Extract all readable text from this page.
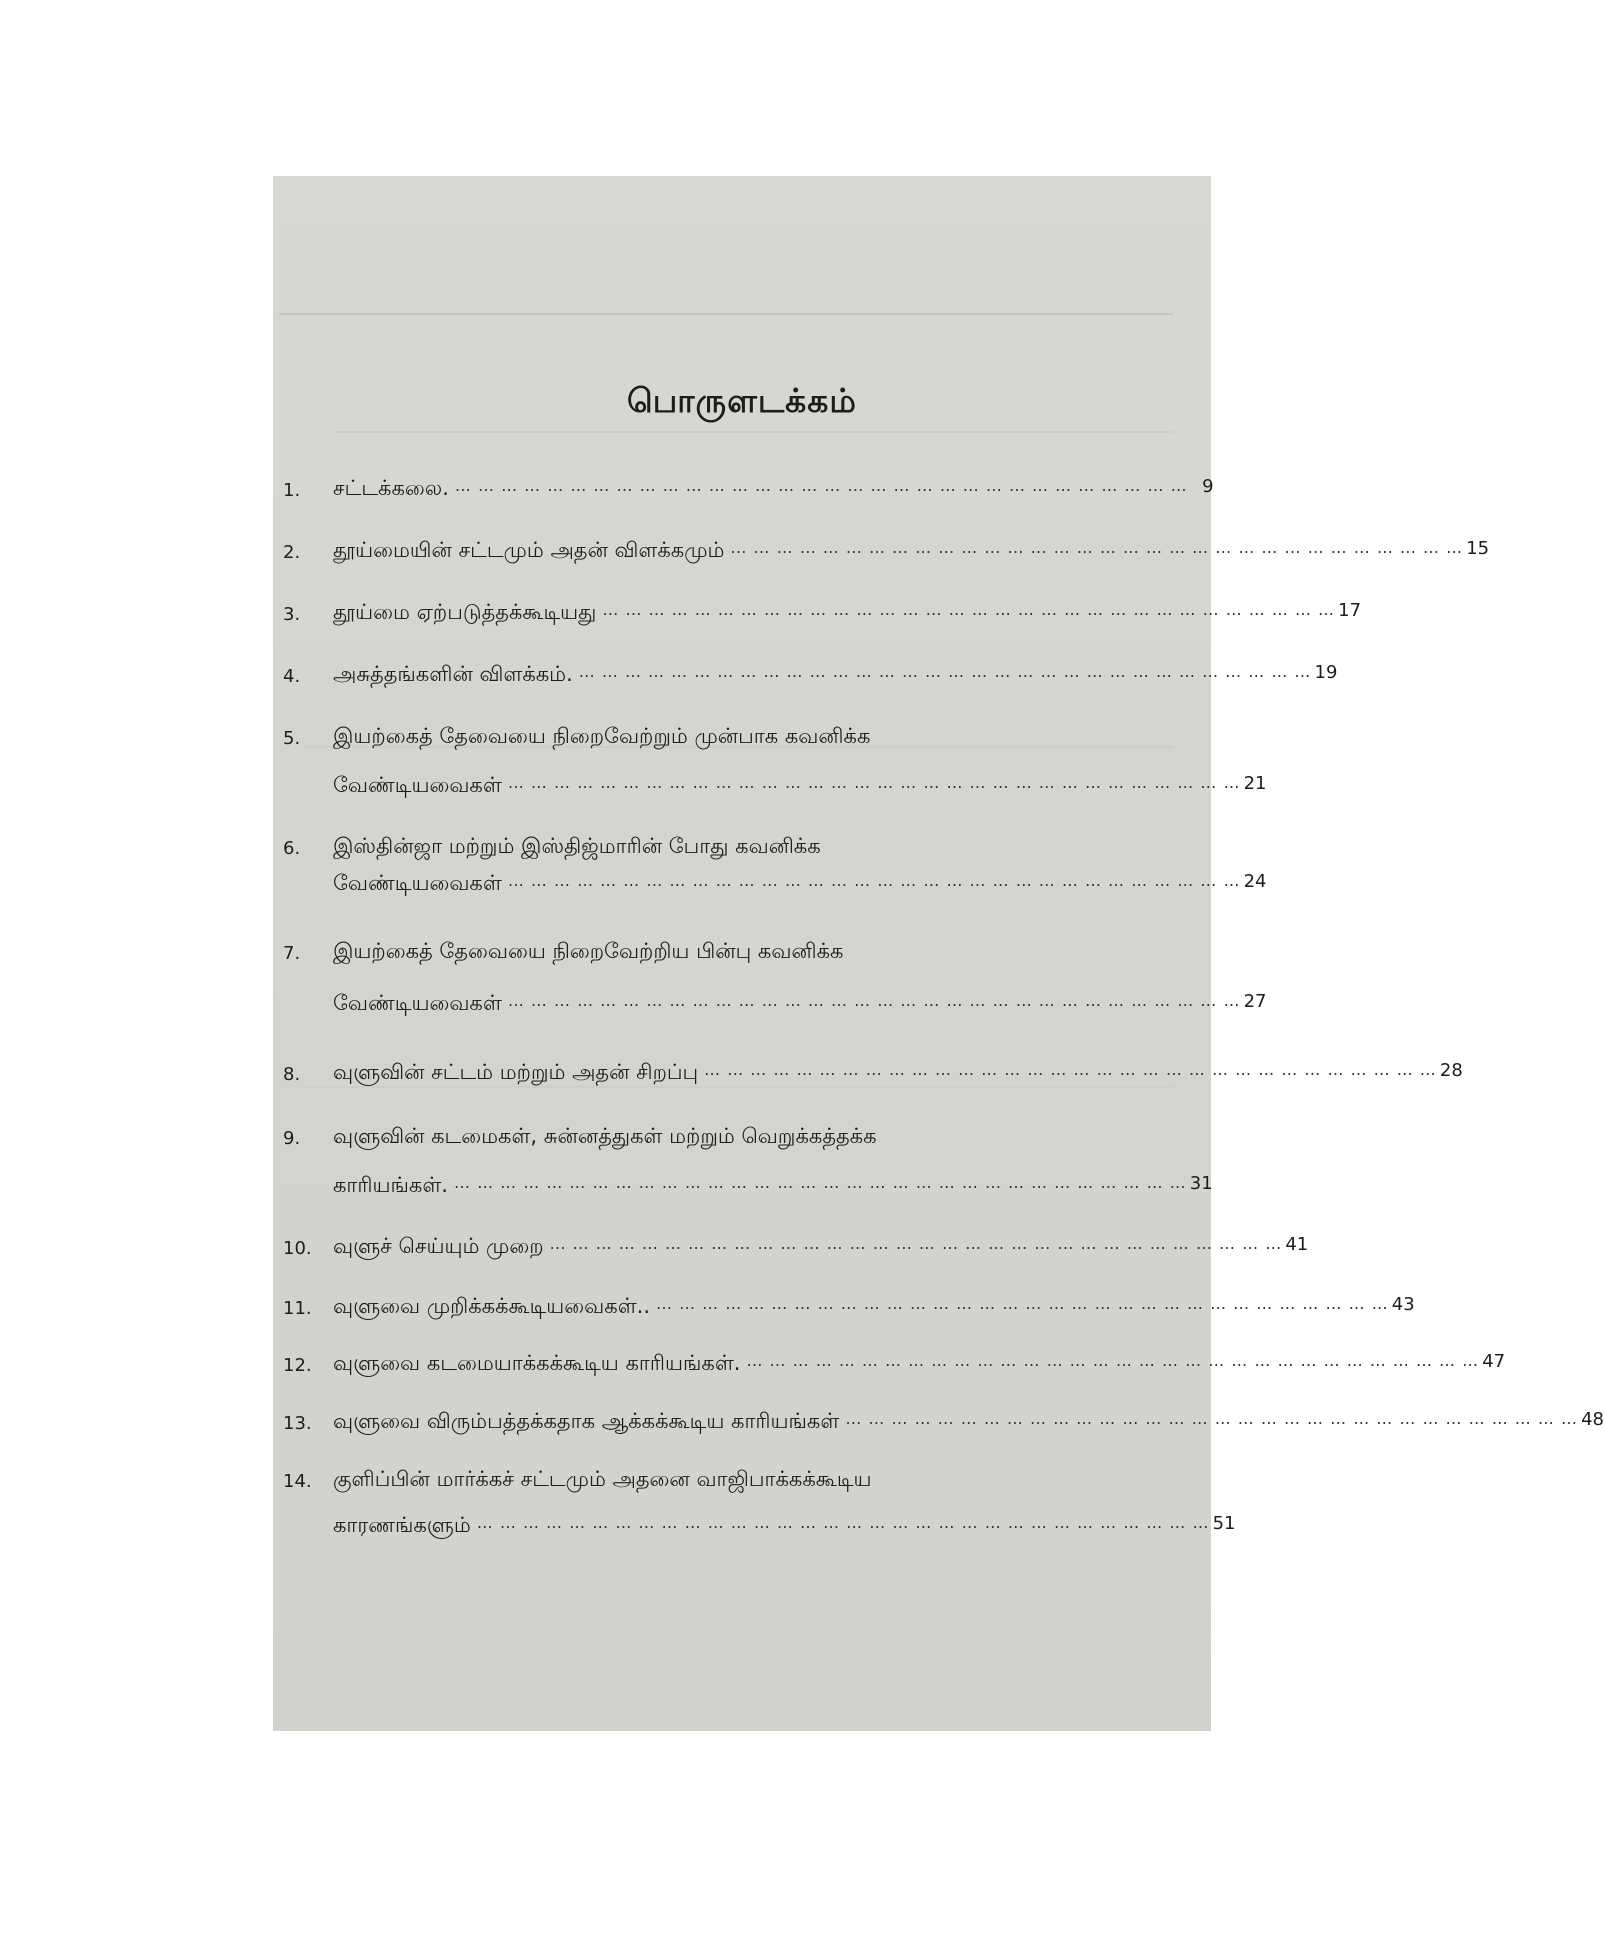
பொருளடக்கம்
1.	சட்டக்கலை. … … … … … … … … … … … … … … … … … … … … … … … … … … … … … … … … 9
2.	தூய்மையின் சட்டமும் அதன் விளக்கமும் … … … … … … … … … … … … … … … … … … … … … … … … … … … … … … … … 15
3.	தூய்மை ஏற்படுத்தக்கூடியது … … … … … … … … … … … … … … … … … … … … … … … … … … … … … … … … 17
4.	அசுத்தங்களின் விளக்கம். … … … … … … … … … … … … … … … … … … … … … … … … … … … … … … … … 19
5.	இயற்கைத் தேவையை நிறைவேற்றும் முன்பாக கவனிக்க
வேண்டியவைகள் … … … … … … … … … … … … … … … … … … … … … … … … … … … … … … … … 21
6.	இஸ்தின்ஜா மற்றும் இஸ்திஜ்மாரின் போது கவனிக்க
வேண்டியவைகள் … … … … … … … … … … … … … … … … … … … … … … … … … … … … … … … … 24
7.	இயற்கைத் தேவையை நிறைவேற்றிய பின்பு கவனிக்க
வேண்டியவைகள் … … … … … … … … … … … … … … … … … … … … … … … … … … … … … … … … 27
8.	வுளுவின் சட்டம் மற்றும் அதன் சிறப்பு … … … … … … … … … … … … … … … … … … … … … … … … … … … … … … … … 28
9.	வுளுவின் கடமைகள், சுன்னத்துகள் மற்றும் வெறுக்கத்தக்க
காரியங்கள். … … … … … … … … … … … … … … … … … … … … … … … … … … … … … … … … 31
10.	வுளுச் செய்யும் முறை … … … … … … … … … … … … … … … … … … … … … … … … … … … … … … … … 41
11.	வுளுவை முறிக்கக்கூடியவைகள்.. … … … … … … … … … … … … … … … … … … … … … … … … … … … … … … … … 43
12.	வுளுவை கடமையாக்கக்கூடிய காரியங்கள். … … … … … … … … … … … … … … … … … … … … … … … … … … … … … … … … 47
13.	வுளுவை விரும்பத்தக்கதாக ஆக்கக்கூடிய காரியங்கள் … … … … … … … … … … … … … … … … … … … … … … … … … … … … … … … … 48
14.	குளிப்பின் மார்க்கச் சட்டமும் அதனை வாஜிபாக்கக்கூடிய
காரணங்களும் … … … … … … … … … … … … … … … … … … … … … … … … … … … … … … … … 51
